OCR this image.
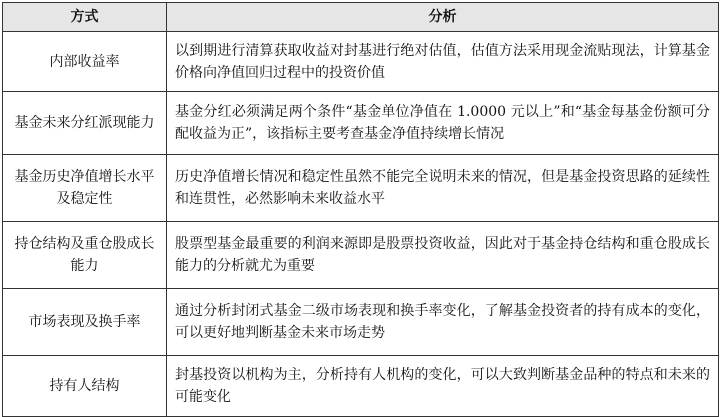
方式	分析
内部收益率	以到期进行清算获取收益对封基进行绝对估值，估值方法采用现金流贴现法，计算基金价格向净值回归过程中的投资价值
基金未来分红派现能力	基金分红必须满足两个条件“基金单位净值在 1.0000 元以上”和“基金每基金份额可分配收益为正”，该指标主要考查基金净值持续增长情况
基金历史净值增长水平及稳定性	历史净值增长情况和稳定性虽然不能完全说明未来的情况，但是基金投资思路的延续性和连贯性，必然影响未来收益水平
持仓结构及重仓股成长能力	股票型基金最重要的利润来源即是股票投资收益，因此对于基金持仓结构和重仓股成长能力的分析就尤为重要
市场表现及换手率	通过分析封闭式基金二级市场表现和换手率变化，了解基金投资者的持有成本的变化，可以更好地判断基金未来市场走势
持有人结构	封基投资以机构为主，分析持有人机构的变化，可以大致判断基金品种的特点和未来的可能变化
